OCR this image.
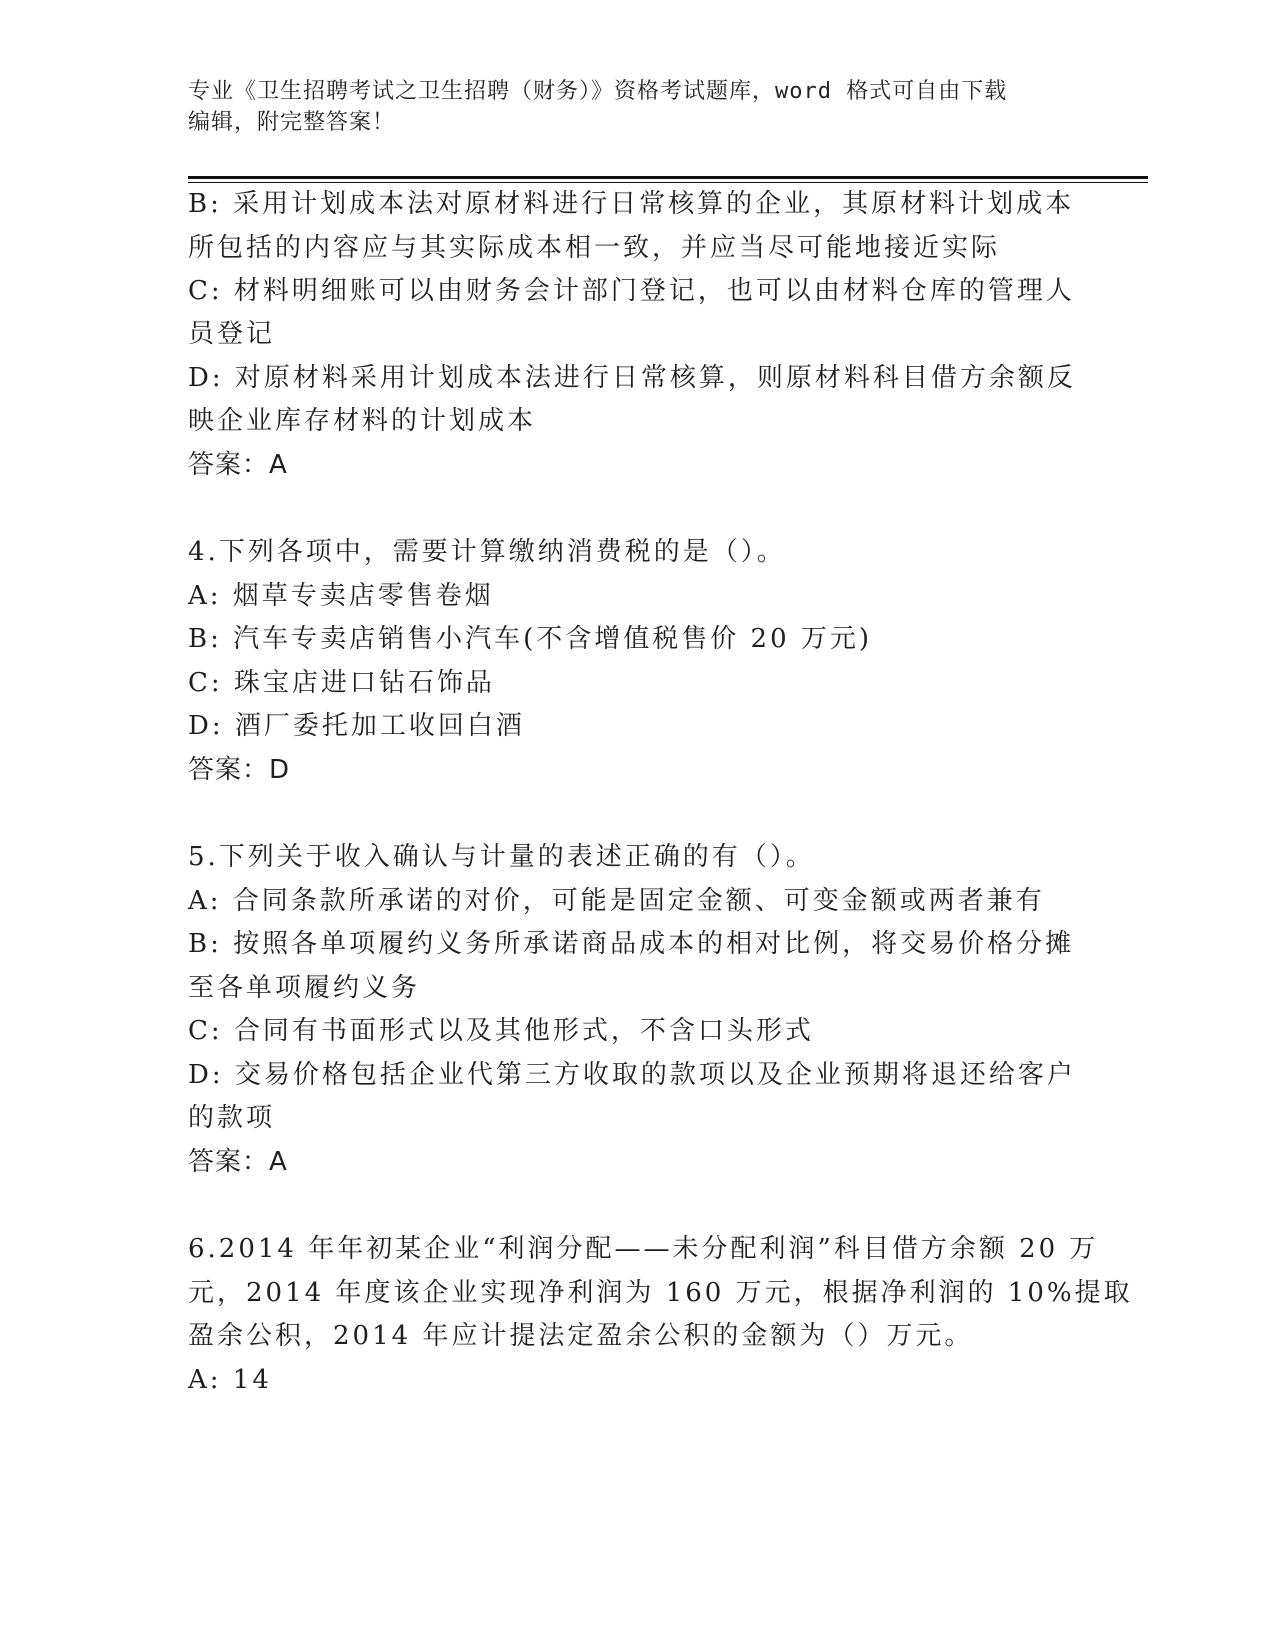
专业《卫生招聘考试之卫生招聘（财务）》资格考试题库，word 格式可自由下载
编辑，附完整答案！
B: 采用计划成本法对原材料进行日常核算的企业，其原材料计划成本
所包括的内容应与其实际成本相一致，并应当尽可能地接近实际
C: 材料明细账可以由财务会计部门登记，也可以由材料仓库的管理人
员登记
D: 对原材料采用计划成本法进行日常核算，则原材料科目借方余额反
映企业库存材料的计划成本
答案：A
4.下列各项中，需要计算缴纳消费税的是（）。
A: 烟草专卖店零售卷烟
B: 汽车专卖店销售小汽车(不含增值税售价 20 万元)
C: 珠宝店进口钻石饰品
D: 酒厂委托加工收回白酒
答案：D
5.下列关于收入确认与计量的表述正确的有（）。
A: 合同条款所承诺的对价，可能是固定金额、可变金额或两者兼有
B: 按照各单项履约义务所承诺商品成本的相对比例，将交易价格分摊
至各单项履约义务
C: 合同有书面形式以及其他形式，不含口头形式
D: 交易价格包括企业代第三方收取的款项以及企业预期将退还给客户
的款项
答案：A
6.2014 年年初某企业“利润分配——未分配利润”科目借方余额 20 万
元，2014 年度该企业实现净利润为 160 万元，根据净利润的 10%提取
盈余公积，2014 年应计提法定盈余公积的金额为（）万元。
A: 14
